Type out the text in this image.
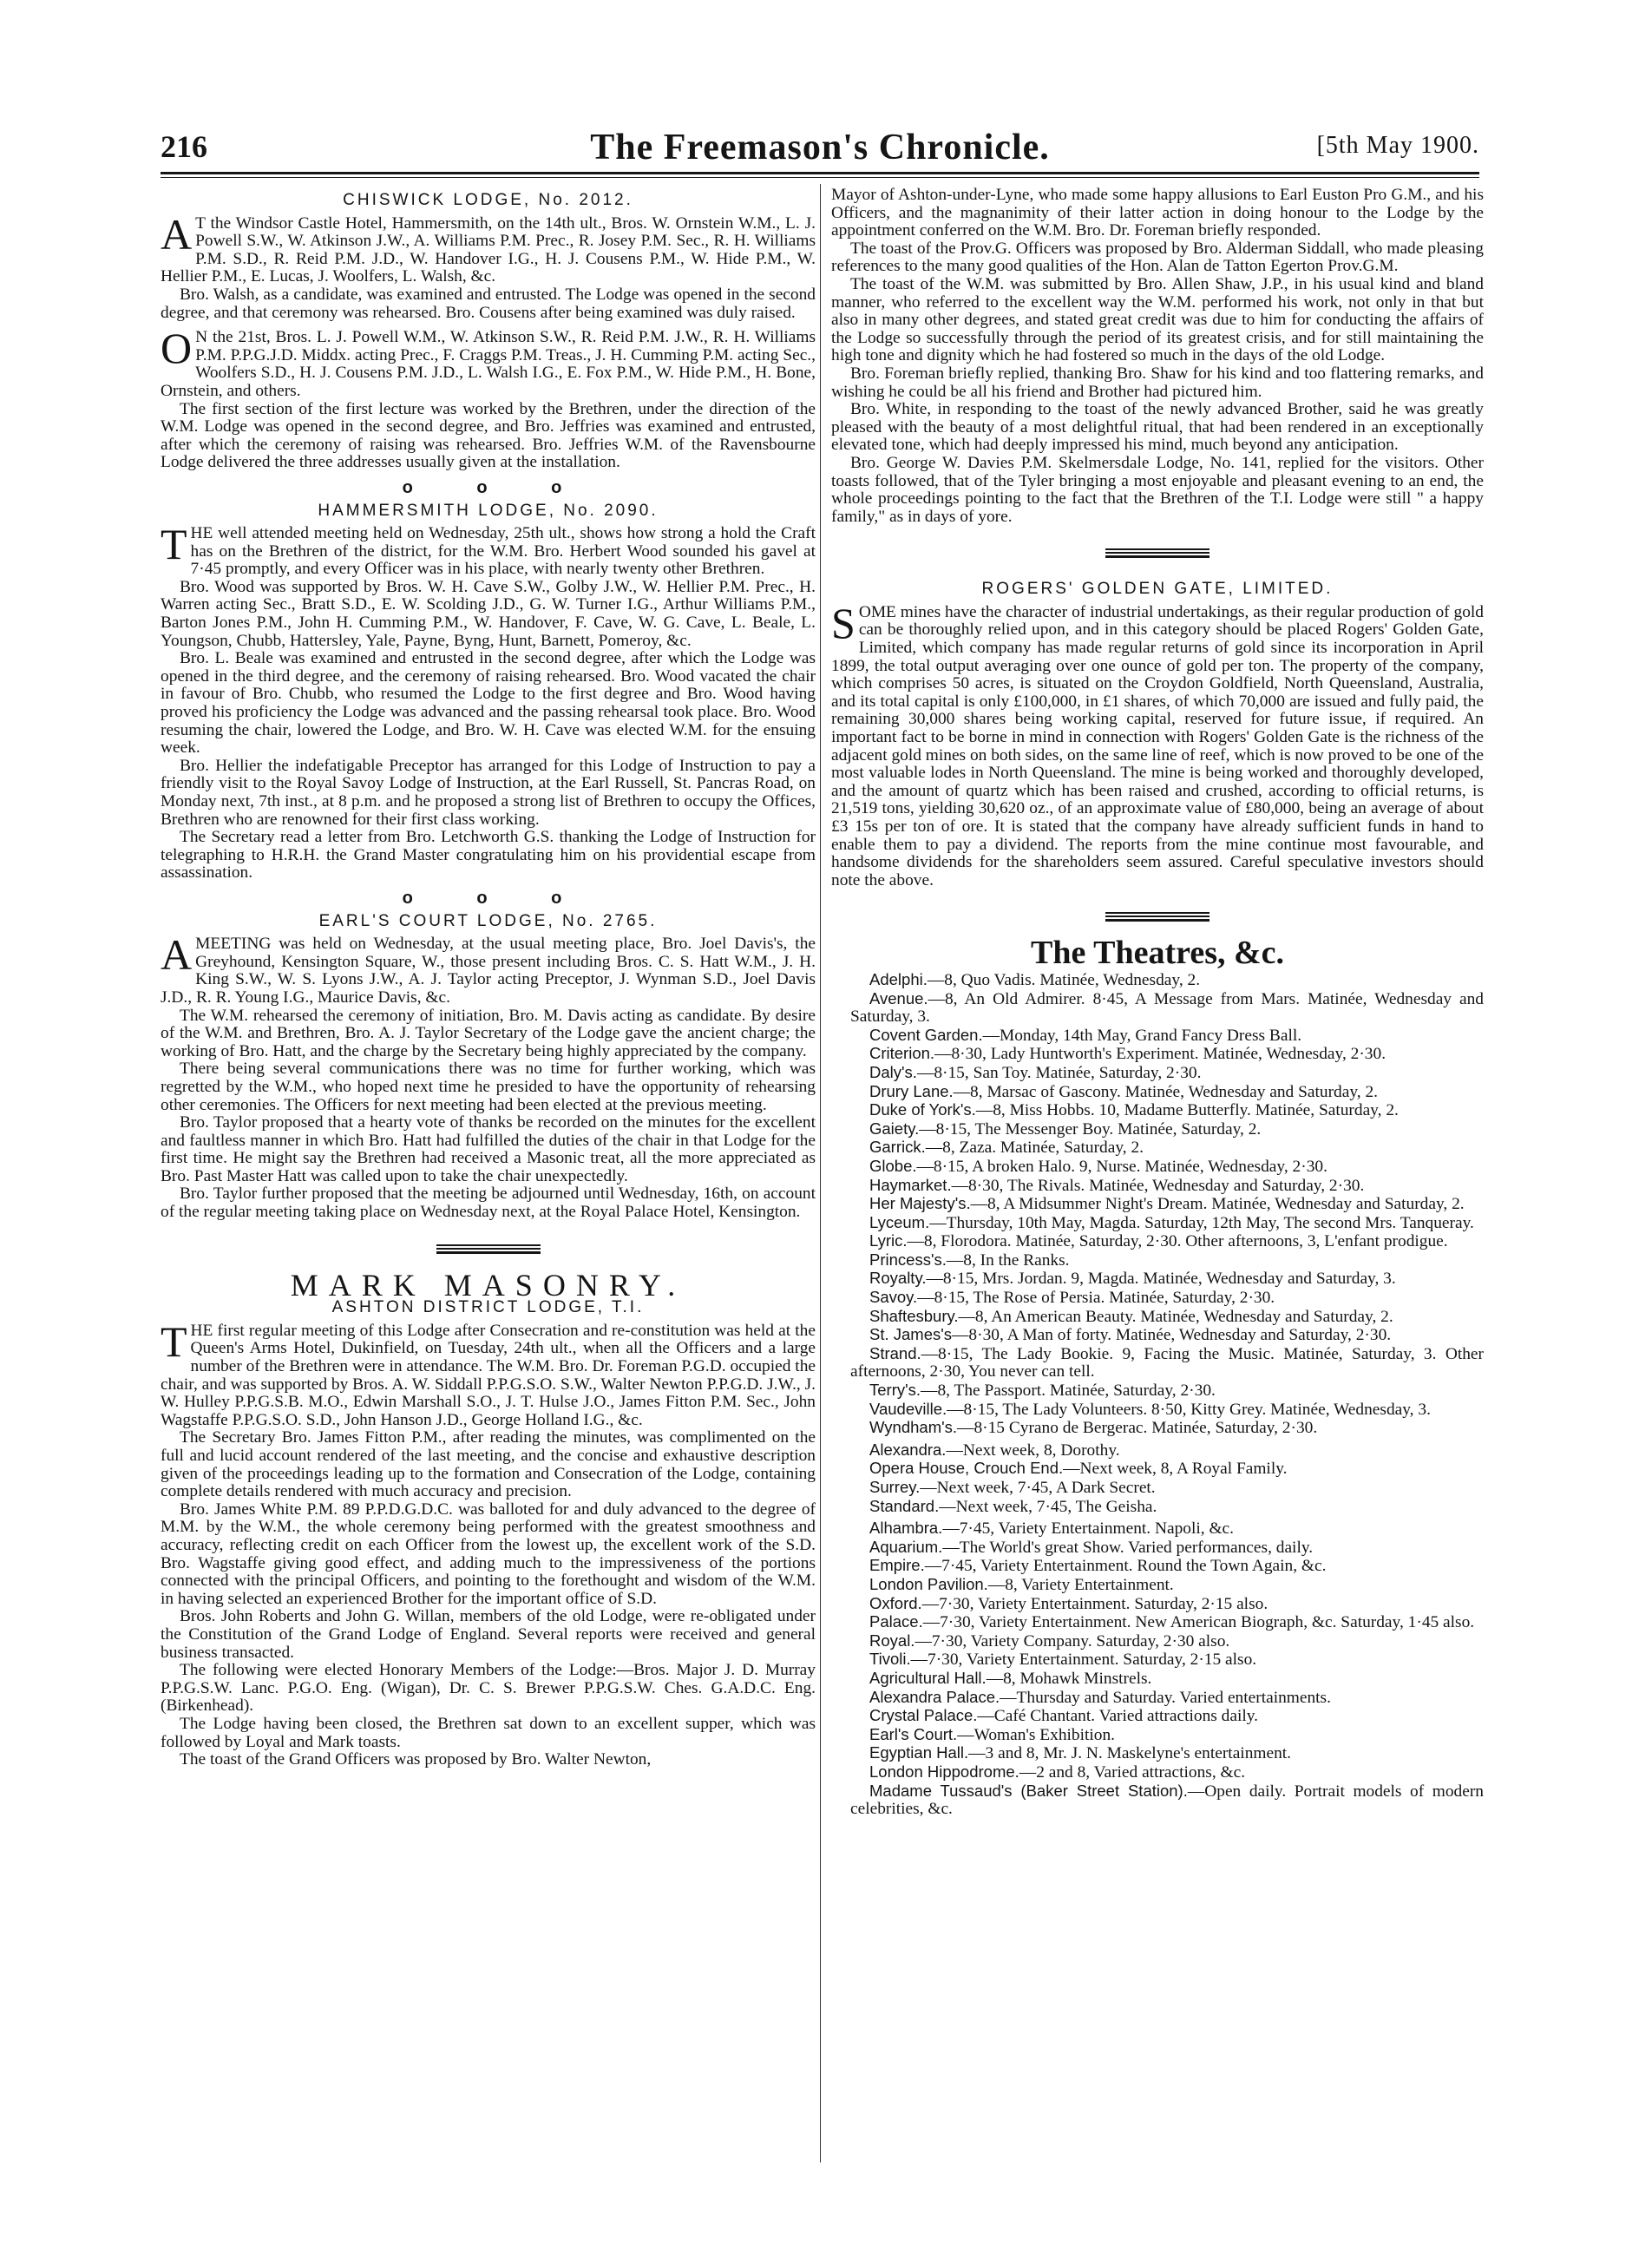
216	The Freemason's Chronicle.	[5th May 1900.
CHISWICK LODGE, No. 2012.

A T the Windsor Castle Hotel, Hammersmith, on the 14th ult., Bros. W. Ornstein W.M., L. J. Powell S.W., W. Atkinson J.W., A. Williams P.M. Prec., R. Josey P.M. Sec., R. H. Williams P.M. S.D., R. Reid P.M. J.D., W. Handover I.G., H. J. Cousens P.M., W. Hide P.M., W. Hellier P.M., E. Lucas, J. Woolfers, L. Walsh, &c.

Bro. Walsh, as a candidate, was examined and entrusted. The Lodge was opened in the second degree, and that ceremony was rehearsed. Bro. Cousens after being examined was duly raised.

O N the 21st, Bros. L. J. Powell W.M., W. Atkinson S.W., R. Reid P.M. J.W., R. H. Williams P.M. P.P.G.J.D. Middx. acting Prec., F. Craggs P.M. Treas., J. H. Cumming P.M. acting Sec., Woolfers S.D., H. J. Cousens P.M. J.D., L. Walsh I.G., E. Fox P.M., W. Hide P.M., H. Bone, Ornstein, and others.

The first section of the first lecture was worked by the Brethren, under the direction of the W.M. Lodge was opened in the second degree, and Bro. Jeffries was examined and entrusted, after which the ceremony of raising was rehearsed. Bro. Jeffries W.M. of the Ravensbourne Lodge delivered the three addresses usually given at the installation.

o o o
HAMMERSMITH LODGE, No. 2090.

THE well attended meeting held on Wednesday, 25th ult., shows how strong a hold the Craft has on the Brethren of the district, for the W.M. Bro. Herbert Wood sounded his gavel at 7·45 promptly, and every Officer was in his place, with nearly twenty other Brethren.

Bro. Wood was supported by Bros. W. H. Cave S.W., Golby J.W., W. Hellier P.M. Prec., H. Warren acting Sec., Bratt S.D., E. W. Scolding J.D., G. W. Turner I.G., Arthur Williams P.M., Barton Jones P.M., John H. Cumming P.M., W. Handover, F. Cave, W. G. Cave, L. Beale, L. Youngson, Chubb, Hattersley, Yale, Payne, Byng, Hunt, Barnett, Pomeroy, &c.

Bro. L. Beale was examined and entrusted in the second degree, after which the Lodge was opened in the third degree, and the ceremony of raising rehearsed. Bro. Wood vacated the chair in favour of Bro. Chubb, who resumed the Lodge to the first degree and Bro. Wood having proved his proficiency the Lodge was advanced and the passing rehearsal took place. Bro. Wood resuming the chair, lowered the Lodge, and Bro. W. H. Cave was elected W.M. for the ensuing week.

Bro. Hellier the indefatigable Preceptor has arranged for this Lodge of Instruction to pay a friendly visit to the Royal Savoy Lodge of Instruction, at the Earl Russell, St. Pancras Road, on Monday next, 7th inst., at 8 p.m. and he proposed a strong list of Brethren to occupy the Offices, Brethren who are renowned for their first class working.

The Secretary read a letter from Bro. Letchworth G.S. thanking the Lodge of Instruction for telegraphing to H.R.H. the Grand Master congratulating him on his providential escape from assassination.

o o o
EARL'S COURT LODGE, No. 2765.

AMEETING was held on Wednesday, at the usual meeting place, Bro. Joel Davis's, the Greyhound, Kensington Square, W., those present including Bros. C. S. Hatt W.M., J. H. King S.W., W. S. Lyons J.W., A. J. Taylor acting Preceptor, J. Wynman S.D., Joel Davis J.D., R. R. Young I.G., Maurice Davis, &c.

The W.M. rehearsed the ceremony of initiation, Bro. M. Davis acting as candidate. By desire of the W.M. and Brethren, Bro. A. J. Taylor Secretary of the Lodge gave the ancient charge; the working of Bro. Hatt, and the charge by the Secretary being highly appreciated by the company.

There being several communications there was no time for further working, which was regretted by the W.M., who hoped next time he presided to have the opportunity of rehearsing other ceremonies. The Officers for next meeting had been elected at the previous meeting.

Bro. Taylor proposed that a hearty vote of thanks be recorded on the minutes for the excellent and faultless manner in which Bro. Hatt had fulfilled the duties of the chair in that Lodge for the first time. He might say the Brethren had received a Masonic treat, all the more appreciated as Bro. Past Master Hatt was called upon to take the chair unexpectedly.

Bro. Taylor further proposed that the meeting be adjourned until Wednesday, 16th, on account of the regular meeting taking place on Wednesday next, at the Royal Palace Hotel, Kensington.

MARK MASONRY.
ASHTON DISTRICT LODGE, T.I.

THE first regular meeting of this Lodge after Consecration and re-constitution was held at the Queen's Arms Hotel, Dukinfield, on Tuesday, 24th ult., when all the Officers and a large number of the Brethren were in attendance. The W.M. Bro. Dr. Foreman P.G.D. occupied the chair, and was supported by Bros. A. W. Siddall P.P.G.S.O. S.W., Walter Newton P.P.G.D. J.W., J. W. Hulley P.P.G.S.B. M.O., Edwin Marshall S.O., J. T. Hulse J.O., James Fitton P.M. Sec., John Wagstaffe P.P.G.S.O. S.D., John Hanson J.D., George Holland I.G., &c.

The Secretary Bro. James Fitton P.M., after reading the minutes, was complimented on the full and lucid account rendered of the last meeting, and the concise and exhaustive description given of the proceedings leading up to the formation and Consecration of the Lodge, containing complete details rendered with much accuracy and precision.

Bro. James White P.M. 89 P.P.D.G.D.C. was balloted for and duly advanced to the degree of M.M. by the W.M., the whole ceremony being performed with the greatest smoothness and accuracy, reflecting credit on each Officer from the lowest up, the excellent work of the S.D. Bro. Wagstaffe giving good effect, and adding much to the impressiveness of the portions connected with the principal Officers, and pointing to the forethought and wisdom of the W.M. in having selected an experienced Brother for the important office of S.D.

Bros. John Roberts and John G. Willan, members of the old Lodge, were re-obligated under the Constitution of the Grand Lodge of England. Several reports were received and general business transacted.

The following were elected Honorary Members of the Lodge:—Bros. Major J. D. Murray P.P.G.S.W. Lanc. P.G.O. Eng. (Wigan), Dr. C. S. Brewer P.P.G.S.W. Ches. G.A.D.C. Eng. (Birkenhead).

The Lodge having been closed, the Brethren sat down to an excellent supper, which was followed by Loyal and Mark toasts.

The toast of the Grand Officers was proposed by Bro. Walter Newton,

Mayor of Ashton-under-Lyne, who made some happy allusions to Earl Euston Pro G.M., and his Officers, and the magnanimity of their latter action in doing honour to the Lodge by the appointment conferred on the W.M. Bro. Dr. Foreman briefly responded.

The toast of the Prov.G. Officers was proposed by Bro. Alderman Siddall, who made pleasing references to the many good qualities of the Hon. Alan de Tatton Egerton Prov.G.M.

The toast of the W.M. was submitted by Bro. Allen Shaw, J.P., in his usual kind and bland manner, who referred to the excellent way the W.M. performed his work, not only in that but also in many other degrees, and stated great credit was due to him for conducting the affairs of the Lodge so successfully through the period of its greatest crisis, and for still maintaining the high tone and dignity which he had fostered so much in the days of the old Lodge.

Bro. Foreman briefly replied, thanking Bro. Shaw for his kind and too flattering remarks, and wishing he could be all his friend and Brother had pictured him.

Bro. White, in responding to the toast of the newly advanced Brother, said he was greatly pleased with the beauty of a most delightful ritual, that had been rendered in an exceptionally elevated tone, which had deeply impressed his mind, much beyond any anticipation.

Bro. George W. Davies P.M. Skelmersdale Lodge, No. 141, replied for the visitors. Other toasts followed, that of the Tyler bringing a most enjoyable and pleasant evening to an end, the whole proceedings pointing to the fact that the Brethren of the T.I. Lodge were still " a happy family," as in days of yore.

ROGERS' GOLDEN GATE, LIMITED.

SOME mines have the character of industrial undertakings, as their regular production of gold can be thoroughly relied upon, and in this category should be placed Rogers' Golden Gate, Limited, which company has made regular returns of gold since its incorporation in April 1899, the total output averaging over one ounce of gold per ton. The property of the company, which comprises 50 acres, is situated on the Croydon Goldfield, North Queensland, Australia, and its total capital is only £100,000, in £1 shares, of which 70,000 are issued and fully paid, the remaining 30,000 shares being working capital, reserved for future issue, if required. An important fact to be borne in mind in connection with Rogers' Golden Gate is the richness of the adjacent gold mines on both sides, on the same line of reef, which is now proved to be one of the most valuable lodes in North Queensland. The mine is being worked and thoroughly developed, and the amount of quartz which has been raised and crushed, according to official returns, is 21,519 tons, yielding 30,620 oz., of an approximate value of £80,000, being an average of about £3 15s per ton of ore. It is stated that the company have already sufficient funds in hand to enable them to pay a dividend. The reports from the mine continue most favourable, and handsome dividends for the shareholders seem assured. Careful speculative investors should note the above.

The Theatres, &c.

Adelphi.—8, Quo Vadis. Matinée, Wednesday, 2.

Avenue.—8, An Old Admirer. 8·45, A Message from Mars. Matinée, Wednesday and Saturday, 3.

Covent Garden.—Monday, 14th May, Grand Fancy Dress Ball.

Criterion.—8·30, Lady Huntworth's Experiment. Matinée, Wednesday, 2·30.

Daly's.—8·15, San Toy. Matinée, Saturday, 2·30.

Drury Lane.—8, Marsac of Gascony. Matinée, Wednesday and Saturday, 2.

Duke of York's.—8, Miss Hobbs. 10, Madame Butterfly. Matinée, Saturday, 2.

Gaiety.—8·15, The Messenger Boy. Matinée, Saturday, 2.

Garrick.—8, Zaza. Matinée, Saturday, 2.

Globe.—8·15, A broken Halo. 9, Nurse. Matinée, Wednesday, 2·30.

Haymarket.—8·30, The Rivals. Matinée, Wednesday and Saturday, 2·30.

Her Majesty's.—8, A Midsummer Night's Dream. Matinée, Wednesday and Saturday, 2.

Lyceum.—Thursday, 10th May, Magda. Saturday, 12th May, The second Mrs. Tanqueray.

Lyric.—8, Florodora. Matinée, Saturday, 2·30. Other afternoons, 3, L'enfant prodigue.

Princess's.—8, In the Ranks.

Royalty.—8·15, Mrs. Jordan. 9, Magda. Matinée, Wednesday and Saturday, 3.

Savoy.—8·15, The Rose of Persia. Matinée, Saturday, 2·30.

Shaftesbury.—8, An American Beauty. Matinée, Wednesday and Saturday, 2.

St. James's—8·30, A Man of forty. Matinée, Wednesday and Saturday, 2·30.

Strand.—8·15, The Lady Bookie. 9, Facing the Music. Matinée, Saturday, 3. Other afternoons, 2·30, You never can tell.

Terry's.—8, The Passport. Matinée, Saturday, 2·30.

Vaudeville.—8·15, The Lady Volunteers. 8·50, Kitty Grey. Matinée, Wednesday, 3.

Wyndham's.—8·15 Cyrano de Bergerac. Matinée, Saturday, 2·30.

Alexandra.—Next week, 8, Dorothy.

Opera House, Crouch End.—Next week, 8, A Royal Family.

Surrey.—Next week, 7·45, A Dark Secret.

Standard.—Next week, 7·45, The Geisha.

Alhambra.—7·45, Variety Entertainment. Napoli, &c.

Aquarium.—The World's great Show. Varied performances, daily.

Empire.—7·45, Variety Entertainment. Round the Town Again, &c.

London Pavilion.—8, Variety Entertainment.

Oxford.—7·30, Variety Entertainment. Saturday, 2·15 also.

Palace.—7·30, Variety Entertainment. New American Biograph, &c. Saturday, 1·45 also.

Royal.—7·30, Variety Company. Saturday, 2·30 also.

Tivoli.—7·30, Variety Entertainment. Saturday, 2·15 also.

Agricultural Hall.—8, Mohawk Minstrels.

Alexandra Palace.—Thursday and Saturday. Varied entertainments.

Crystal Palace.—Café Chantant. Varied attractions daily.

Earl's Court.—Woman's Exhibition.

Egyptian Hall.—3 and 8, Mr. J. N. Maskelyne's entertainment.

London Hippodrome.—2 and 8, Varied attractions, &c.

Madame Tussaud's (Baker Street Station).—Open daily. Portrait models of modern celebrities, &c.
